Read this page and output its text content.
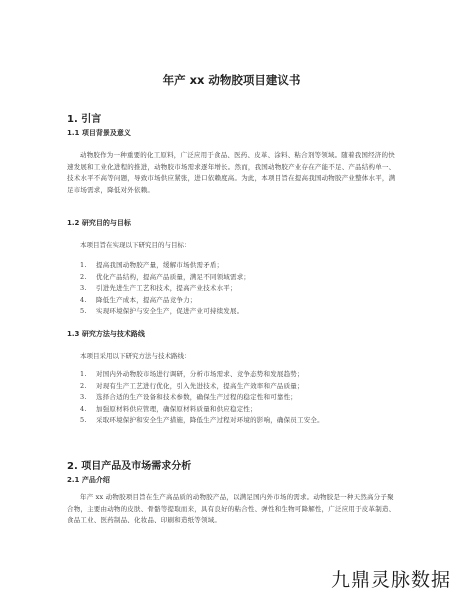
年产 xx 动物胶项目建议书
1. 引言
1.1 项目背景及意义
动物胶作为一种重要的化工原料，广泛应用于食品、医药、皮革、涂料、粘合剂等领域。随着我国经济的快速发展和工业化进程的推进，动物胶市场需求逐年增长。然而，我国动物胶产业存在产能不足、产品结构单一、技术水平不高等问题，导致市场供应紧张，进口依赖度高。为此，本项目旨在提高我国动物胶产业整体水平，满足市场需求，降低对外依赖。
1.2 研究目的与目标
本项目旨在实现以下研究目的与目标：
1. 提高我国动物胶产量，缓解市场供需矛盾；
2. 优化产品结构，提高产品质量，满足不同领域需求；
3. 引进先进生产工艺和技术，提高产业技术水平；
4. 降低生产成本，提高产品竞争力；
5. 实现环境保护与安全生产，促进产业可持续发展。
1.3 研究方法与技术路线
本项目采用以下研究方法与技术路线：
1. 对国内外动物胶市场进行调研，分析市场需求、竞争态势和发展趋势；
2. 对现有生产工艺进行优化，引入先进技术，提高生产效率和产品质量；
3. 选择合适的生产设备和技术参数，确保生产过程的稳定性和可靠性；
4. 加强原材料供应管理，确保原材料质量和供应稳定性；
5. 采取环境保护和安全生产措施，降低生产过程对环境的影响，确保员工安全。
2. 项目产品及市场需求分析
2.1 产品介绍
年产 xx 动物胶项目旨在生产高品质的动物胶产品，以满足国内外市场的需求。动物胶是一种天然高分子聚合物，主要由动物的皮肤、骨骼等提取而来，具有良好的粘合性、弹性和生物可降解性，广泛应用于皮革制造、食品工业、医药制品、化妆品、印刷和造纸等领域。
九鼎灵脉数据
